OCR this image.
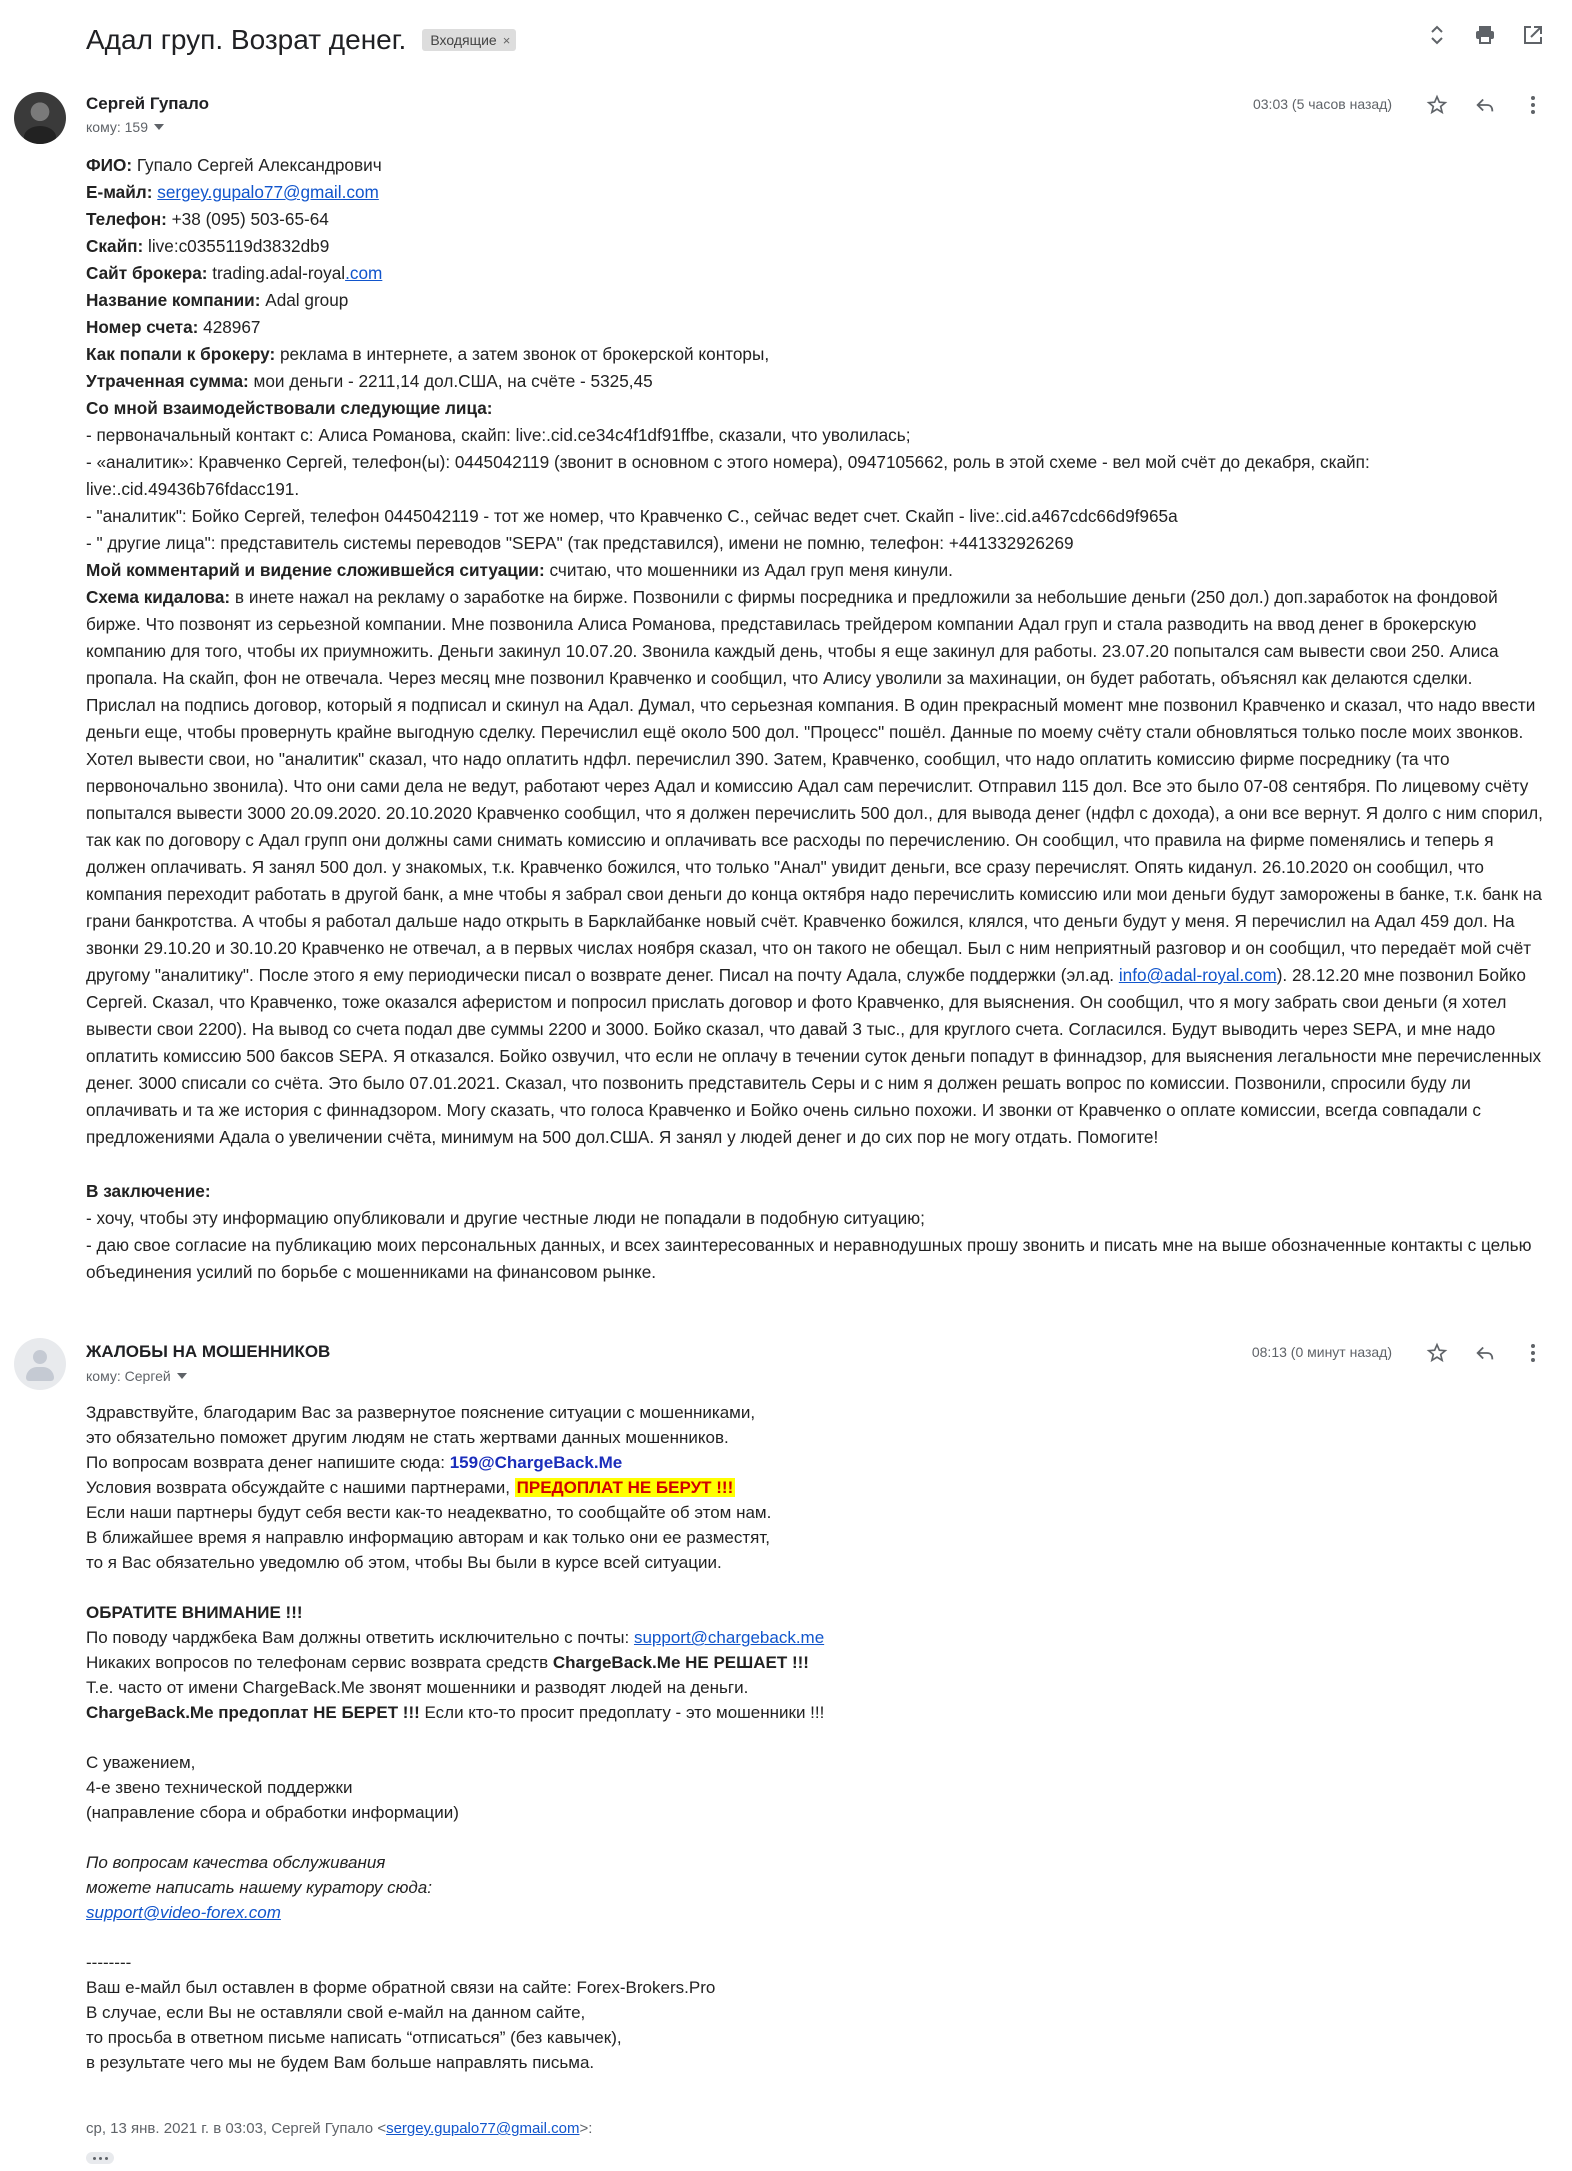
Адал груп. Возрат денег. Входящие ×
Сергей Гупало
кому: 159
03:03 (5 часов назад)

ФИО: Гупало Сергей Александрович

Е-майл: sergey.gupalo77@gmail.com

Телефон: +38 (095) 503-65-64

Скайп: live:c0355119d3832db9

Сайт брокера: trading.adal-royal.com

Название компании: Adal group

Номер счета: 428967

Как попали к брокеру: реклама в интернете, а затем звонок от брокерской конторы,

Утраченная сумма: мои деньги - 2211,14 дол.США, на счёте - 5325,45

Со мной взаимодействовали следующие лица:

- первоначальный контакт с: Алиса Романова, скайп: live:.cid.ce34c4f1df91ffbe, сказали, что уволилась;

- «аналитик»: Кравченко Сергей, телефон(ы): 0445042119 (звонит в основном с этого номера), 0947105662, роль в этой схеме - вел мой счёт до декабря, скайп: live:.cid.49436b76fdacc191.

- "аналитик": Бойко Сергей, телефон 0445042119 - тот же номер, что Кравченко С., сейчас ведет счет. Скайп - live:.cid.a467cdc66d9f965a

- " другие лица": представитель системы переводов "SEPA" (так представился), имени не помню, телефон: +441332926269

Мой комментарий и видение сложившейся ситуации: считаю, что мошенники из Адал груп меня кинули.

Схема кидалова: в инете нажал на рекламу о заработке на бирже. Позвонили с фирмы посредника и предложили за небольшие деньги (250 дол.) доп.заработок на фондовой бирже. Что позвонят из серьезной компании. Мне позвонила Алиса Романова, представилась трейдером компании Адал груп и стала разводить на ввод денег в брокерскую компанию для того, чтобы их приумножить. Деньги закинул 10.07.20. Звонила каждый день, чтобы я еще закинул для работы. 23.07.20 попытался сам вывести свои 250. Алиса пропала. На скайп, фон не отвечала. Через месяц мне позвонил Кравченко и сообщил, что Алису уволили за махинации, он будет работать, объяснял как делаются сделки. Прислал на подпись договор, который я подписал и скинул на Адал. Думал, что серьезная компания. В один прекрасный момент мне позвонил Кравченко и сказал, что надо ввести деньги еще, чтобы провернуть крайне выгодную сделку. Перечислил ещё около 500 дол. "Процесс" пошёл. Данные по моему счёту стали обновляться только после моих звонков. Хотел вывести свои, но "аналитик" сказал, что надо оплатить ндфл. перечислил 390. Затем, Кравченко, сообщил, что надо оплатить комиссию фирме посреднику (та что первоночально звонила). Что они сами дела не ведут, работают через Адал и комиссию Адал сам перечислит. Отправил 115 дол. Все это было 07-08 сентября. По лицевому счёту попытался вывести 3000 20.09.2020. 20.10.2020 Кравченко сообщил, что я должен перечислить 500 дол., для вывода денег (ндфл с дохода), а они все вернут. Я долго с ним спорил, так как по договору с Адал групп они должны сами снимать комиссию и оплачивать все расходы по перечислению. Он сообщил, что правила на фирме поменялись и теперь я должен оплачивать. Я занял 500 дол. у знакомых, т.к. Кравченко божился, что только "Анал" увидит деньги, все сразу перечислят. Опять киданул. 26.10.2020 он сообщил, что компания переходит работать в другой банк, а мне чтобы я забрал свои деньги до конца октября надо перечислить комиссию или мои деньги будут заморожены в банке, т.к. банк на грани банкротства. А чтобы я работал дальше надо открыть в Барклайбанке новый счёт. Кравченко божился, клялся, что деньги будут у меня. Я перечислил на Адал 459 дол. На звонки 29.10.20 и 30.10.20 Кравченко не отвечал, а в первых числах ноября сказал, что он такого не обещал. Был с ним неприятный разговор и он сообщил, что передаёт мой счёт другому "аналитику". После этого я ему периодически писал о возврате денег. Писал на почту Адала, службе поддержки (эл.ад. info@adal-royal.com). 28.12.20 мне позвонил Бойко Сергей. Сказал, что Кравченко, тоже оказался аферистом и попросил прислать договор и фото Кравченко, для выяснения. Он сообщил, что я могу забрать свои деньги (я хотел вывести свои 2200). На вывод со счета подал две суммы 2200 и 3000. Бойко сказал, что давай 3 тыс., для круглого счета. Согласился. Будут выводить через SEPA, и мне надо оплатить комиссию 500 баксов SEPA. Я отказался. Бойко озвучил, что если не оплачу в течении суток деньги попадут в финнадзор, для выяснения легальности мне перечисленных денег. 3000 списали со счёта. Это было 07.01.2021. Сказал, что позвонить представитель Серы и с ним я должен решать вопрос по комиссии. Позвонили, спросили буду ли оплачивать и та же история с финнадзором. Могу сказать, что голоса Кравченко и Бойко очень сильно похожи. И звонки от Кравченко о оплате комиссии, всегда совпадали с предложениями Адала о увеличении счёта, минимум на 500 дол.США. Я занял у людей денег и до сих пор не могу отдать. Помогите!

В заключение:

- хочу, чтобы эту информацию опубликовали и другие честные люди не попадали в подобную ситуацию;

- даю свое согласие на публикацию моих персональных данных, и всех заинтересованных и неравнодушных прошу звонить и писать мне на выше обозначенные контакты с целью объединения усилий по борьбе с мошенниками на финансовом рынке.

ЖАЛОБЫ НА МОШЕННИКОВ
кому: Сергей
08:13 (0 минут назад)

Здравствуйте, благодарим Вас за развернутое пояснение ситуации с мошенниками,

это обязательно поможет другим людям не стать жертвами данных мошенников.

По вопросам возврата денег напишите сюда: 159@ChargeBack.Me

Условия возврата обсуждайте с нашими партнерами, ПРЕДОПЛАТ НЕ БЕРУТ !!!

Если наши партнеры будут себя вести как-то неадекватно, то сообщайте об этом нам.

В ближайшее время я направлю информацию авторам и как только они ее разместят,

то я Вас обязательно уведомлю об этом, чтобы Вы были в курсе всей ситуации.

ОБРАТИТЕ ВНИМАНИЕ !!!

По поводу чарджбека Вам должны ответить исключительно с почты: support@chargeback.me

Никаких вопросов по телефонам сервис возврата средств ChargeBack.Me НЕ РЕШАЕТ !!!

Т.е. часто от имени ChargeBack.Me звонят мошенники и разводят людей на деньги.

ChargeBack.Me предоплат НЕ БЕРЕТ !!! Если кто-то просит предоплату - это мошенники !!!

С уважением,

4-е звено технической поддержки

(направление сбора и обработки информации)

По вопросам качества обслуживания

можете написать нашему куратору сюда:

support@video-forex.com

--------

Ваш е-майл был оставлен в форме обратной связи на сайте: Forex-Brokers.Pro

В случае, если Вы не оставляли свой е-майл на данном сайте,

то просьба в ответном письме написать “отписаться” (без кавычек),

в результате чего мы не будем Вам больше направлять письма.

ср, 13 янв. 2021 г. в 03:03, Сергей Гупало <sergey.gupalo77@gmail.com>:
